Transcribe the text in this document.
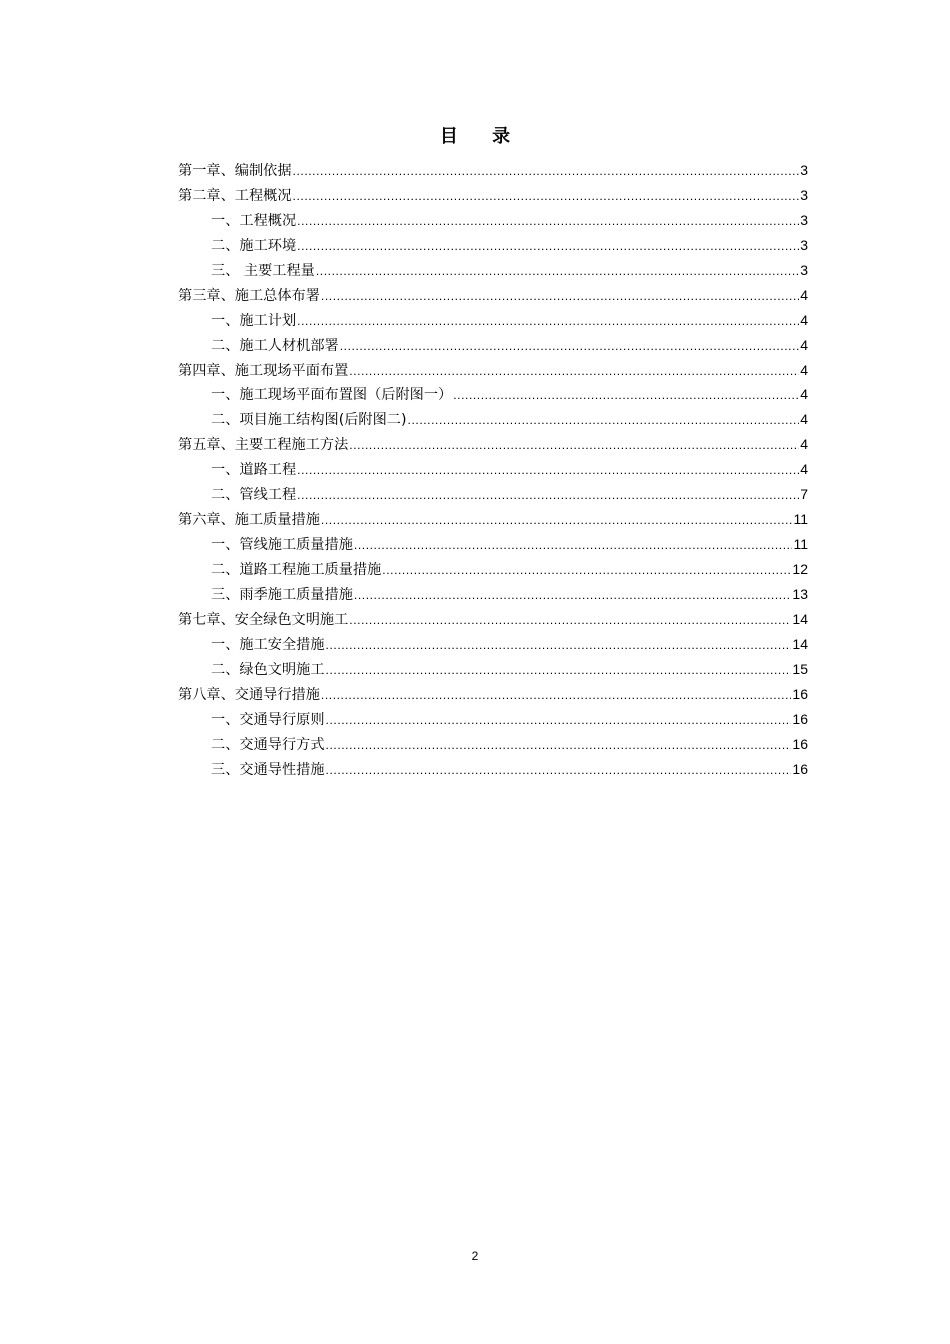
目 录
第一章、编制依据 .....	3
第二章、工程概况 .....	3
一、工程概况 .....	3
二、施工环境 .....	3
三、 主要工程量 .....	3
第三章、施工总体布署 .....	4
一、施工计划 .....	4
二、施工人材机部署 .....	4
第四章、施工现场平面布置 .....	4
一、施工现场平面布置图（后附图一） .....	4
二、项目施工结构图(后附图二) .....	4
第五章、主要工程施工方法 .....	4
一、道路工程 .....	4
二、管线工程 .....	7
第六章、施工质量措施 .....	11
一、管线施工质量措施 .....	11
二、道路工程施工质量措施 .....	12
三、雨季施工质量措施 .....	13
第七章、安全绿色文明施工 .....	14
一、施工安全措施 .....	14
二、绿色文明施工 .....	15
第八章、交通导行措施 .....	16
一、交通导行原则 .....	16
二、交通导行方式 .....	16
三、交通导性措施 .....	16
2
